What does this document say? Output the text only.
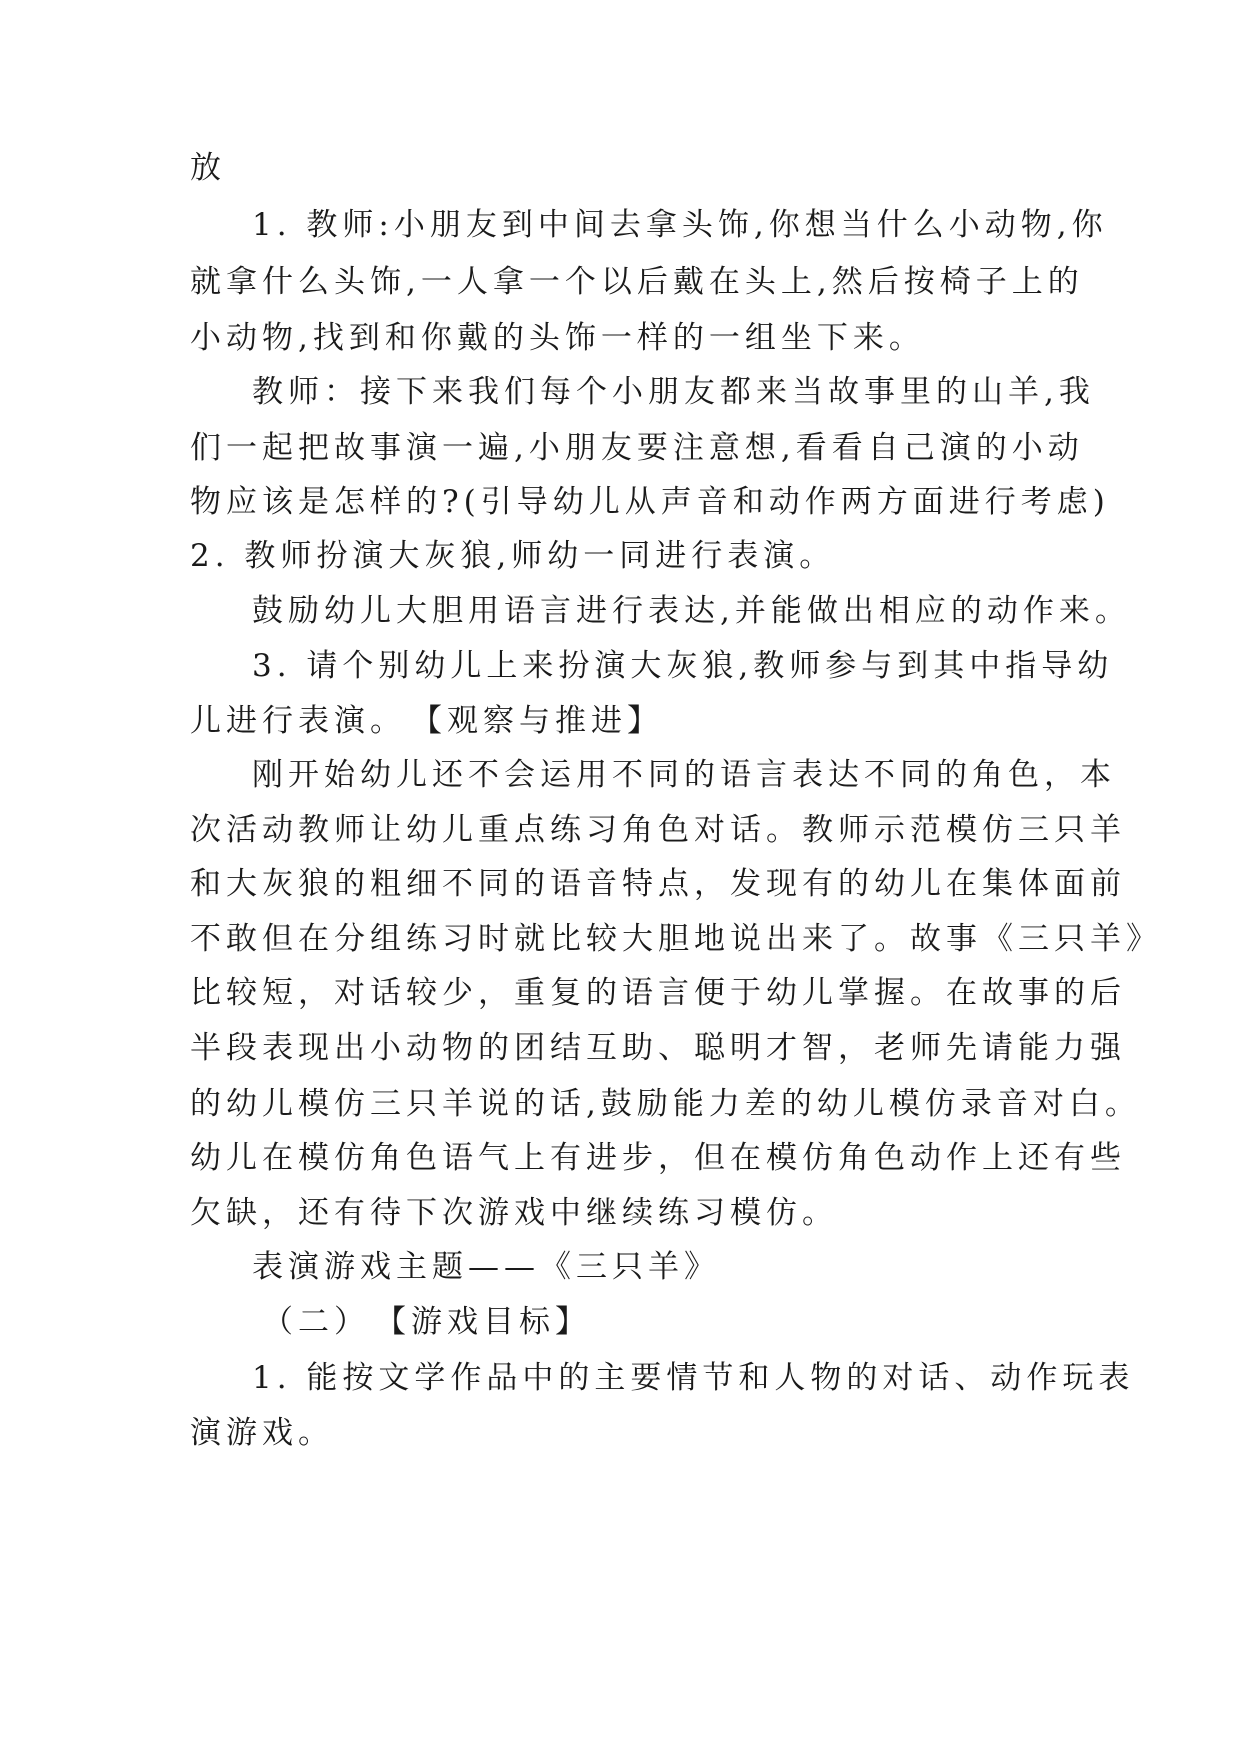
放
1. 教师:小朋友到中间去拿头饰,你想当什么小动物,你
就拿什么头饰,一人拿一个以后戴在头上,然后按椅子上的
小动物,找到和你戴的头饰一样的一组坐下来。
教师：接下来我们每个小朋友都来当故事里的山羊,我
们一起把故事演一遍,小朋友要注意想,看看自己演的小动
物应该是怎样的?(引导幼儿从声音和动作两方面进行考虑)
2. 教师扮演大灰狼,师幼一同进行表演。
鼓励幼儿大胆用语言进行表达,并能做出相应的动作来。
3. 请个别幼儿上来扮演大灰狼,教师参与到其中指导幼
儿进行表演。　【观察与推进】
刚开始幼儿还不会运用不同的语言表达不同的角色，本
次活动教师让幼儿重点练习角色对话。教师示范模仿三只羊
和大灰狼的粗细不同的语音特点，发现有的幼儿在集体面前
不敢但在分组练习时就比较大胆地说出来了。故事《三只羊》
比较短，对话较少，重复的语言便于幼儿掌握。在故事的后
半段表现出小动物的团结互助、聪明才智，老师先请能力强
的幼儿模仿三只羊说的话,鼓励能力差的幼儿模仿录音对白。
幼儿在模仿角色语气上有进步，但在模仿角色动作上还有些
欠缺，还有待下次游戏中继续练习模仿。
表演游戏主题——《三只羊》
（二）　【游戏目标】
1. 能按文学作品中的主要情节和人物的对话、动作玩表
演游戏。
